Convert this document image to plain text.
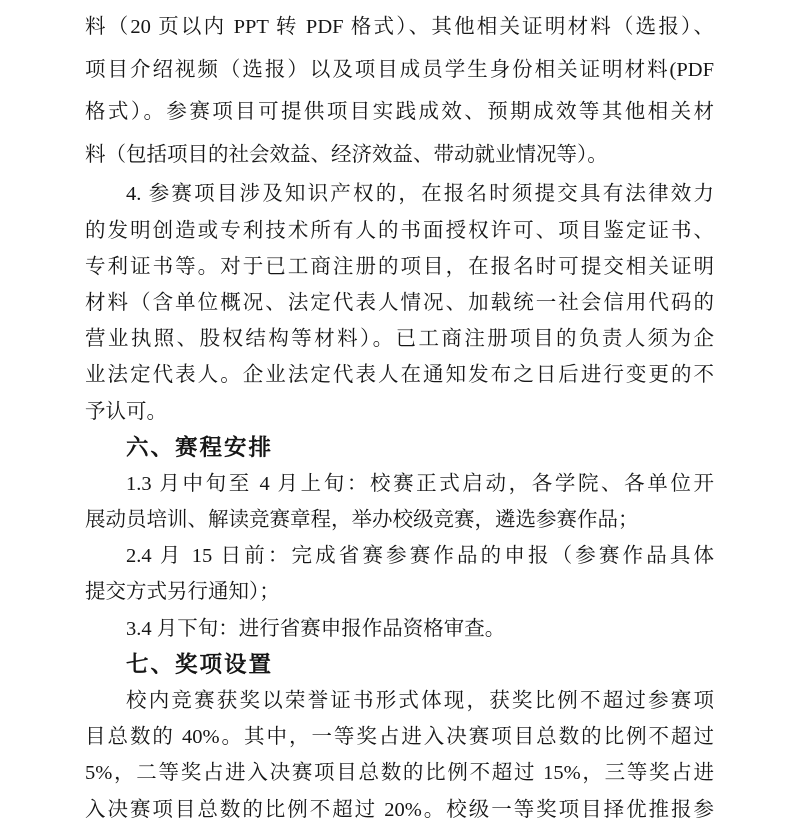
料（20 页以内 PPT 转 PDF 格式）、其他相关证明材料（选报）、
项目介绍视频（选报）以及项目成员学生身份相关证明材料(PDF
格式）。参赛项目可提供项目实践成效、预期成效等其他相关材
料（包括项目的社会效益、经济效益、带动就业情况等）。
4. 参赛项目涉及知识产权的，在报名时须提交具有法律效力
的发明创造或专利技术所有人的书面授权许可、项目鉴定证书、
专利证书等。对于已工商注册的项目，在报名时可提交相关证明
材料（含单位概况、法定代表人情况、加载统一社会信用代码的
营业执照、股权结构等材料）。已工商注册项目的负责人须为企
业法定代表人。企业法定代表人在通知发布之日后进行变更的不
予认可。
六、赛程安排
1.3 月中旬至 4 月上旬：校赛正式启动，各学院、各单位开
展动员培训、解读竞赛章程，举办校级竞赛，遴选参赛作品；
2.4 月 15 日前：完成省赛参赛作品的申报（参赛作品具体
提交方式另行通知）；
3.4 月下旬：进行省赛申报作品资格审查。
七、奖项设置
校内竞赛获奖以荣誉证书形式体现，获奖比例不超过参赛项
目总数的 40%。其中，一等奖占进入决赛项目总数的比例不超过
5%，二等奖占进入决赛项目总数的比例不超过 15%，三等奖占进
入决赛项目总数的比例不超过 20%。校级一等奖项目择优推报参
